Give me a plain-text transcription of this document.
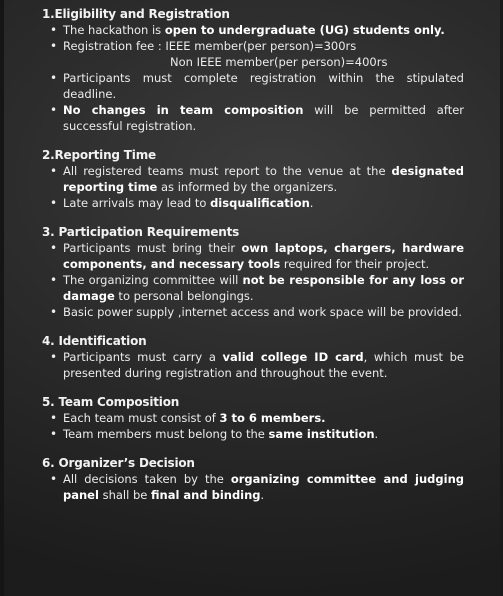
1.Eligibility and Registration
• The hackathon is open to undergraduate (UG) students only.
• Registration fee : IEEE member(per person)=300rs
Non IEEE member(per person)=400rs
• Participants must complete registration within the stipulated deadline.
• No changes in team composition will be permitted after successful registration.
2.Reporting Time
• All registered teams must report to the venue at the designated reporting time as informed by the organizers.
• Late arrivals may lead to disqualification.
3. Participation Requirements
• Participants must bring their own laptops, chargers, hardware components, and necessary tools required for their project.
• The organizing committee will not be responsible for any loss or damage to personal belongings.
• Basic power supply ,internet access and work space will be provided.
4. Identification
• Participants must carry a valid college ID card, which must be presented during registration and throughout the event.
5. Team Composition
• Each team must consist of 3 to 6 members.
• Team members must belong to the same institution.
6. Organizer’s Decision
• All decisions taken by the organizing committee and judging panel shall be final and binding.
